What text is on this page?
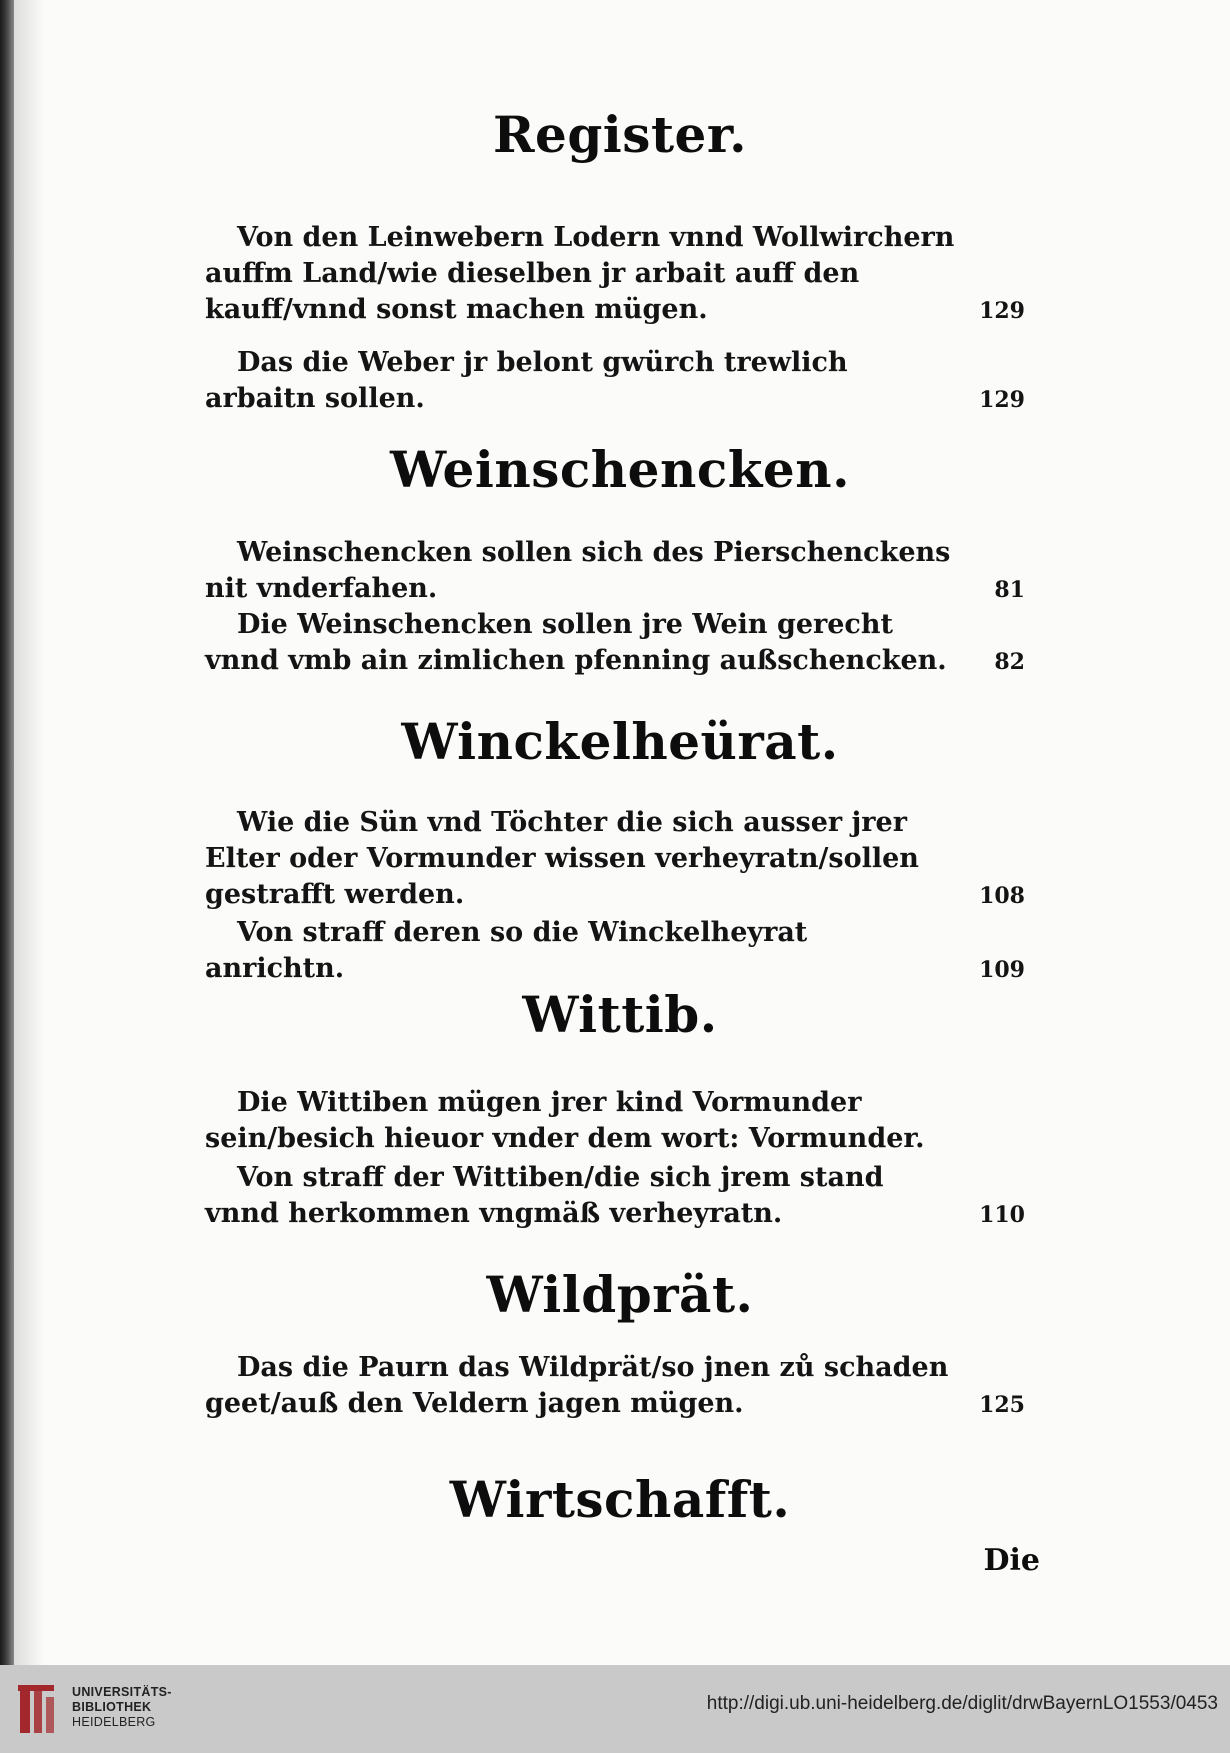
Register.
Von den Leinwebern Lodern vnnd Wollwirchern auffm Land/wie dieselben jr arbait auff den kauff/vnnd sonst machen mügen.	129
Das die Weber jr belont gwürch trewlich arbaitn sollen.	129
Weinschencken.
Weinschencken sollen sich des Pierschenckens nit vnderfahen.	81
Die Weinschencken sollen jre Wein gerecht vnnd vmb ain zimlichen pfenning außschencken.	82
Winckelheürat.
Wie die Sün vnd Töchter die sich ausser jrer Elter oder Vormunder wissen verheyratn/sollen gestrafft werden.	108
Von straff deren so die Winckelheyrat anrichtn.	109
Wittib.
Die Wittiben mügen jrer kind Vormunder sein/besich hieuor vnder dem wort: Vormunder.
Von straff der Wittiben/die sich jrem stand vnnd herkommen vngmäß verheyratn.	110
Wildprät.
Das die Paurn das Wildprät/so jnen zů schaden geet/auß den Veldern jagen mügen.	125
Wirtschafft.
Die
UNIVERSITÄTS-
BIBLIOTHEK
HEIDELBERG
http://digi.ub.uni-heidelberg.de/diglit/drwBayernLO1553/0453
